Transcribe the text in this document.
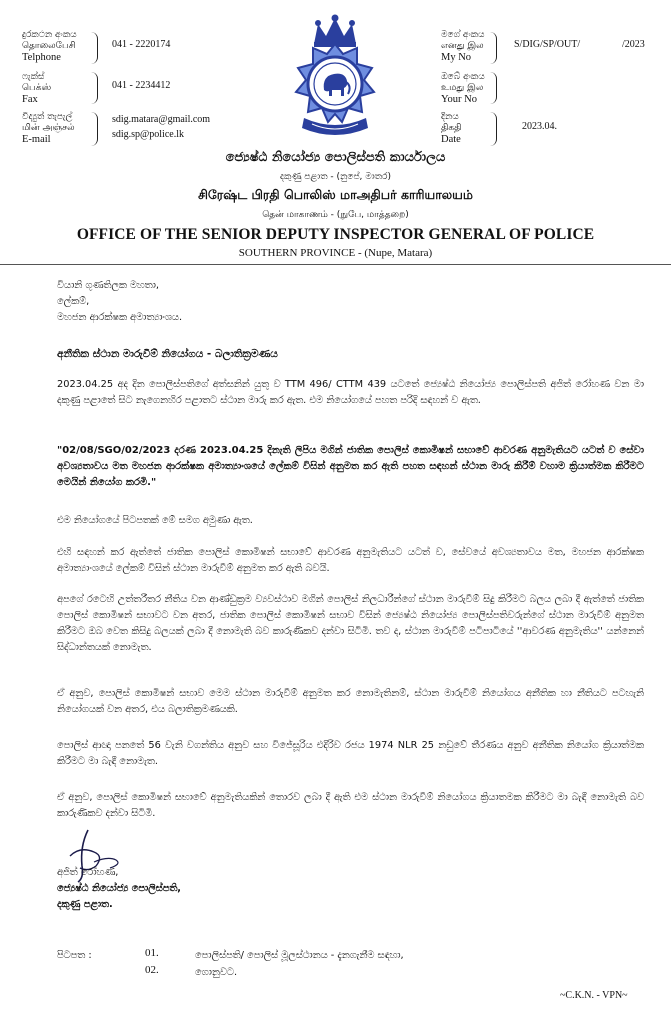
දුරකථන අංකය
தொலைபேசி
Telphone
041 - 2220174
ෆැක්ස්
பெக்ஸ்
Fax
041 - 2234412
විද්‍යුත් තැපැල්
மின் அஞ்சல்
E-mail
sdig.matara@gmail.com
sdig.sp@police.lk
මගේ අංකය
எனது இல
My No
S/DIG/SP/OUT/	/2023
ඔබේ අංකය
உமது இல
Your No
දිනය
திகதி
Date
2023.04.
ජ්‍යෙෂ්ඨ නියෝජ්‍ය පොලිස්පති කාර්යාලය
දකුණු පළාත - (නුපේ, මාතර)
சிரேஷ்ட பிரதி பொலிஸ் மாஅதிபர் காரியாலயம்
தென் மாகாணம் - (நுபே, மாத்தறை)
OFFICE OF THE SENIOR DEPUTY INSPECTOR GENERAL OF POLICE
SOUTHERN PROVINCE - (Nupe, Matara)
වියානි ගුණතිලක මහතා,
ලේකම්,
මහජන ආරක්ෂක අමාත්‍යාංශය.
අනීතික ස්ථාන මාරුවීම් නියෝගය - බලාතික්‍රමණය
2023.04.25 අද දින පොලිස්පතිගේ අත්සනින් යුතු ව TTM 496/ CTTM 439 යටතේ ජ්‍යෙෂ්ඨ නියෝජ්‍ය පොලිස්පති අජිත් රෝහණ වන මා දකුණු පළාතේ සිට නැගෙනහිර පළාතට ස්ථාන මාරු කර ඇත. එම නියෝගයේ පහත පරිදි සඳහන් ව ඇත.
"02/08/SGO/02/2023 දරණ 2023.04.25 දිනැති ලිපිය මගින් ජාතික පොලිස් කොමිෂන් සභාවේ ආවරණ අනුමැතියට යටත් ව සේවා අවශ්‍යතාවය මත මහජන ආරක්ෂක අමාත්‍යාංශයේ ලේකම් විසින් අනුමත කර ඇති පහත සඳහන් ස්ථාන මාරු කිරීම් වහාම ක්‍රියාත්මක කිරීමට මෙයින් නියෝග කරමි."
එම නියෝගයේ පිටපතක් මේ සමග අමුණා ඇත.
එහි සඳහන් කර ඇත්තේ ජාතික පොලිස් කොමිෂන් සභාවේ ආවරණ අනුමැතියට යටත් ව, සේවයේ අවශ්‍යතාවය මත, මහජන ආරක්ෂක අමාත්‍යාංශයේ ලේකම් විසින් ස්ථාන මාරුවීම් අනුමත කර ඇති බවයි.
අපගේ රටෙහි උත්තරීතර නීතිය වන ආණ්ඩුක්‍රම ව්‍යවස්ථාව මගින් පොලිස් නිලධාරීන්ගේ ස්ථාන මාරුවීම් සිදු කිරීමට බලය ලබා දී ඇත්තේ ජාතික පොලිස් කොමිෂන් සභාවට වන අතර, ජාතික පොලිස් කොමිෂන් සභාව විසින් ජ්‍යෙෂ්ඨ නියෝජ්‍ය පොලිස්පතිවරුන්ගේ ස්ථාන මාරුවීම් අනුමත කිරීමට ඔබ වෙත කිසිදු බලයක් ලබා දී නොමැති බව කාරුණිකව දන්වා සිටිමි. තව ද, ස්ථාන මාරුවීම් පටිපාටියේ ''ආවරණ අනුමැතිය'' යන්නෙන් සිද්ධාන්තයක් නොමැත.
ඒ අනුව, පොලිස් කොමිෂන් සභාව මෙම ස්ථාන මාරුවීම් අනුමත කර නොමැතිනම්, ස්ථාන මාරුවීම් නියෝගය අනීතික හා නීතියට පටහැනි නියෝගයක් වන අතර, එය බලාතික්‍රමණයකි.
පොලිස් ආඥා පනතේ 56 වැනි වගන්තිය අනුව සහ විජේසූරිය එදිරිව රජය 1974 NLR 25 නඩුවේ තීරණය අනුව අනීතික නියෝග ක්‍රියාත්මක කිරීමට මා බැඳී නොමැත.
ඒ අනුව, පොලිස් කොමිෂන් සභාවේ අනුමැතියකින් තොරව ලබා දී ඇති එම ස්ථාන මාරුවීම් නියෝගය ක්‍රියාතමක කිරීමට මා බැඳී නොමැති බව කාරුණිකව දන්වා සිටිමි.
අජිත් රෝහණ,
ජ්‍යෙෂ්ඨ නියෝජ්‍ය පොලිස්පති,
දකුණු පළාත.
පිටපත :	01.	පොලිස්පති/ පොලිස් මූලස්ථානය - දැනගැනීම සඳහා,
02.	ගොනුවට.
~C.K.N. - VPN~
